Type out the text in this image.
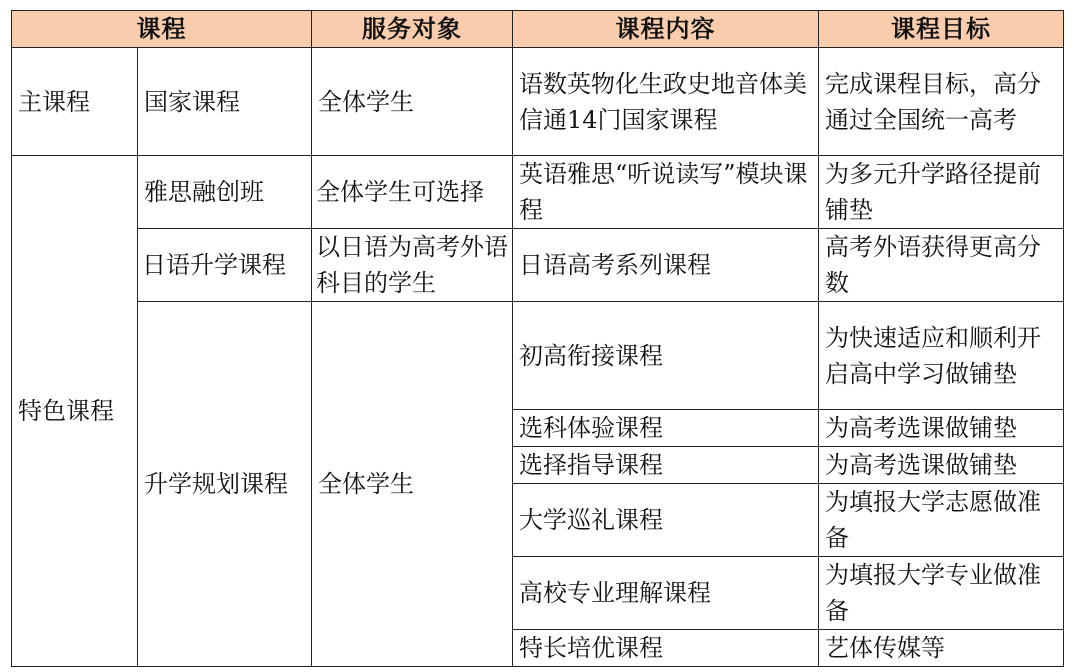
课程		服务对象	课程内容	课程目标
主课程	国家课程	全体学生	语数英物化生政史地音体美信通14门国家课程	完成课程目标，高分通过全国统一高考
特色课程	雅思融创班	全体学生可选择	英语雅思“听说读写”模块课程	为多元升学路径提前铺垫
	日语升学课程	以日语为高考外语科目的学生	日语高考系列课程	高考外语获得更高分数
	升学规划课程	全体学生	初高衔接课程	为快速适应和顺利开启高中学习做铺垫
			选科体验课程	为高考选课做铺垫
			选择指导课程	为高考选课做铺垫
			大学巡礼课程	为填报大学志愿做准备
			高校专业理解课程	为填报大学专业做准备
			特长培优课程	艺体传媒等
